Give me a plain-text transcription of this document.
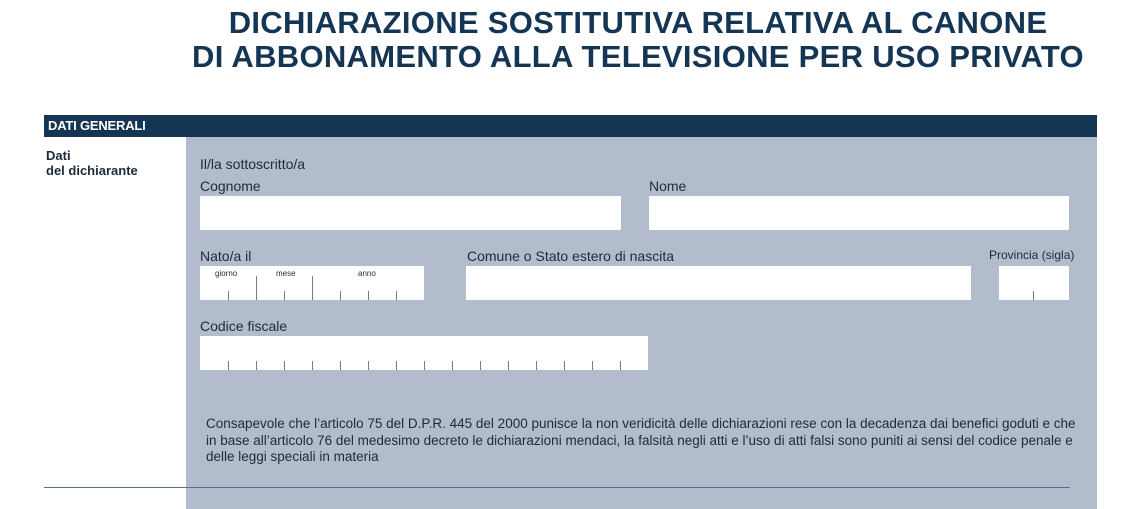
DICHIARAZIONE SOSTITUTIVA RELATIVA AL CANONE
DI ABBONAMENTO ALLA TELEVISIONE PER USO PRIVATO
DATI GENERALI
Dati
del dichiarante	Il/la sottoscritto/a
Cognome	Nome
Nato/a il
giorno	mese	anno
Comune o Stato estero di nascita	Provincia (sigla)
Codice fiscale
Consapevole che l’articolo 75 del D.P.R. 445 del 2000 punisce la non veridicità delle dichiarazioni rese con la decadenza dai benefici goduti e che in base all’articolo 76 del medesimo decreto le dichiarazioni mendaci, la falsità negli atti e l’uso di atti falsi sono puniti ai sensi del codice penale e delle leggi speciali in materia
